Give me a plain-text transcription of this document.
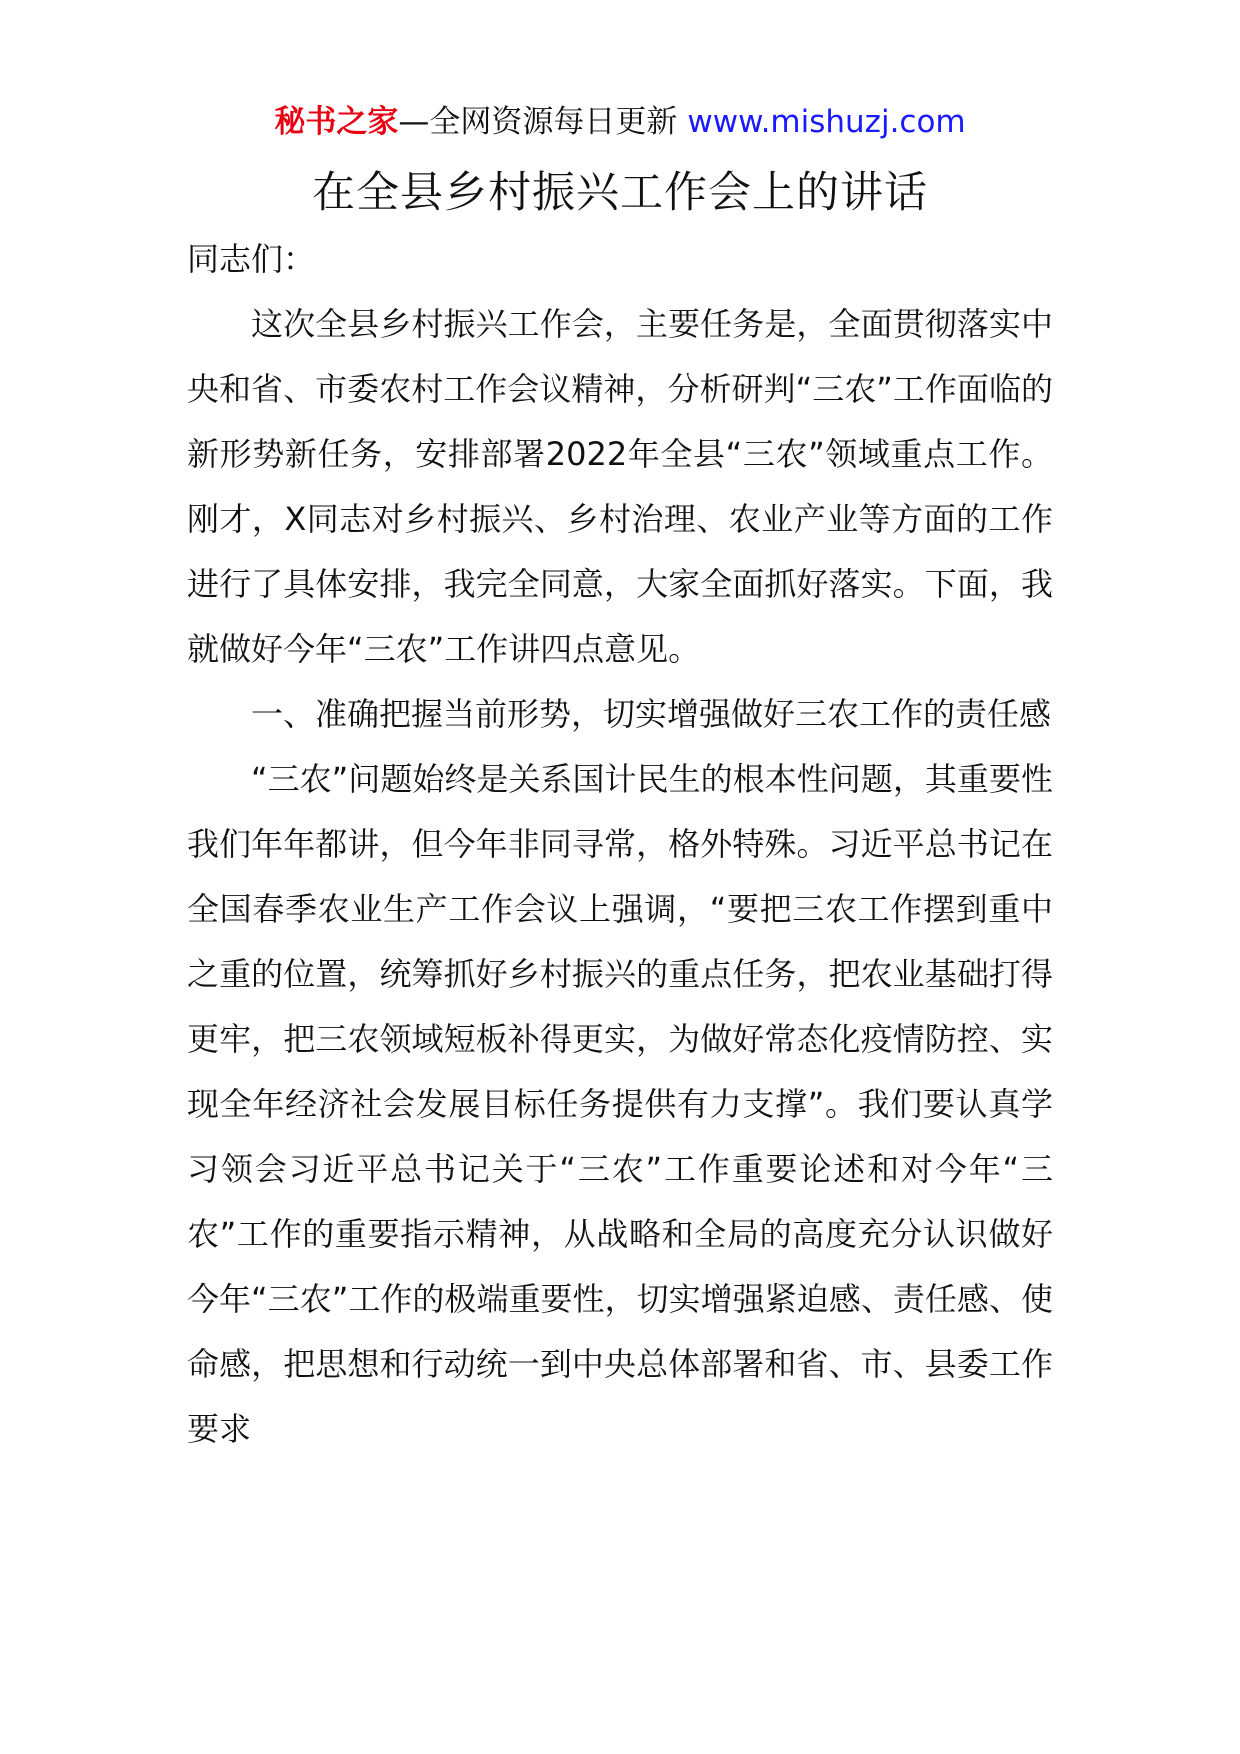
秘书之家—全网资源每日更新 www.mishuzj.com
在全县乡村振兴工作会上的讲话

同志们：

这次全县乡村振兴工作会，主要任务是，全面贯彻落实中央和省、市委农村工作会议精神，分析研判“三农”工作面临的新形势新任务，安排部署2022年全县“三农”领域重点工作。刚才，X同志对乡村振兴、乡村治理、农业产业等方面的工作进行了具体安排，我完全同意，大家全面抓好落实。下面，我就做好今年“三农”工作讲四点意见。

一、准确把握当前形势，切实增强做好三农工作的责任感

“三农”问题始终是关系国计民生的根本性问题，其重要性我们年年都讲，但今年非同寻常，格外特殊。习近平总书记在全国春季农业生产工作会议上强调，“要把三农工作摆到重中之重的位置，统筹抓好乡村振兴的重点任务，把农业基础打得更牢，把三农领域短板补得更实，为做好常态化疫情防控、实现全年经济社会发展目标任务提供有力支撑”。我们要认真学习领会习近平总书记关于“三农”工作重要论述和对今年“三农”工作的重要指示精神，从战略和全局的高度充分认识做好今年“三农”工作的极端重要性，切实增强紧迫感、责任感、使命感，把思想和行动统一到中央总体部署和省、市、县委工作要求
